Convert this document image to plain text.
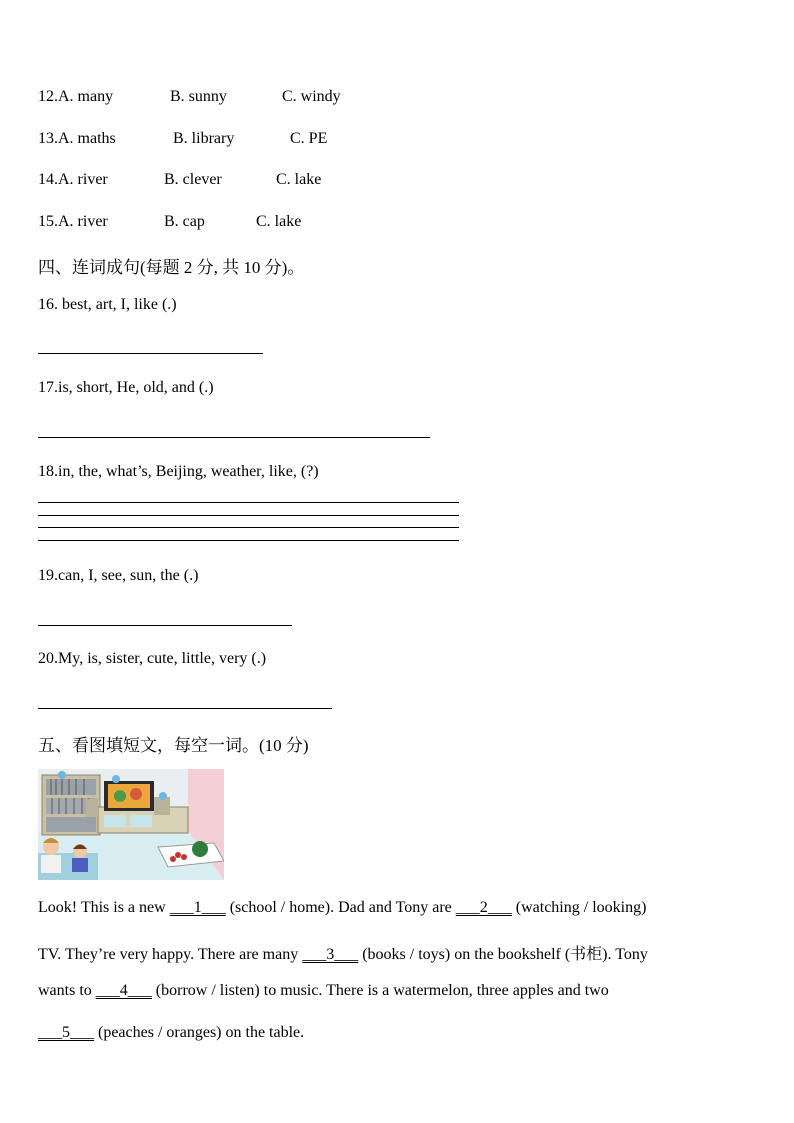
12.A. many	B. sunny	C. windy
13.A. maths	B. library	C. PE
14.A. river	B. clever	C. lake
15.A. river	B. cap	C. lake
四、连词成句(每题 2 分, 共 10 分)。
16. best, art, I, like (.)
17.is, short, He, old, and (.)
18.in, the, what’s, Beijing, weather, like, (?)
19.can, I, see, sun, the (.)
20.My, is, sister, cute, little, very (.)
五、看图填短文，每空一词。(10 分)
Look! This is a new ___1___ (school / home). Dad and Tony are ___2___ (watching / looking)
TV. They’re very happy. There are many ___3___ (books / toys) on the bookshelf (书柜). Tony
wants to ___4___ (borrow / listen) to music. There is a watermelon, three apples and two
___5___ (peaches / oranges) on the table.
